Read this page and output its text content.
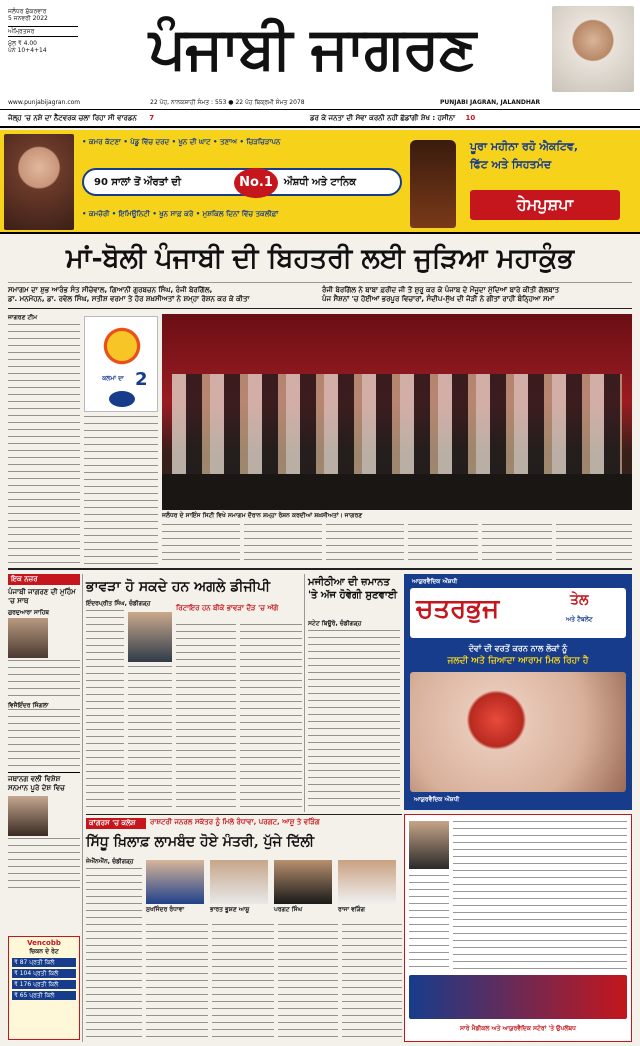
ਜਲੰਧਰ ਸ਼ੁੱਕਰਵਾਰ
5 ਜਨਵਰੀ 2022
ਅੰਮ੍ਰਿਤਸਰ
ਮੁੱਲ ₹ 4.00
ਪੰਨੇ 10+4+14	ਪੰਜਾਬੀ ਜਾਗਰਣ
www.punjabijagran.com	22 ਪੋਹ, ਨਾਨਕਸ਼ਾਹੀ ਸੰਮਤ : 553 ● 22 ਪੋਹ ਬਿਕ੍ਰਮੀ ਸੰਮਤ 2078	PUNJABI JAGRAN, JALANDHAR
ਜੇਲ੍ਹ 'ਚ ਨਸ਼ੇ ਦਾ ਨੈੱਟਵਰਕ ਚਲਾ ਰਿਹਾ ਸੀ ਵਾਰਡਨ 7	ਡਰ ਕੇ ਜਨਤਾ ਦੀ ਸੇਵਾ ਕਰਨੀ ਨਹੀਂ ਛੱਡਾਂਗੀ ਸ਼ੇਖ : ਹਸੀਨਾ 10
• ਕਮਰ ਕੱਟਣਾ • ਪੇਡੂ ਵਿੱਚ ਦਰਦ • ਖੂਨ ਦੀ ਘਾਟ • ਤਣਾਅ • ਚਿੜਚਿੜਾਪਨ
90 ਸਾਲਾਂ ਤੋਂ ਔਰਤਾਂ ਦੀ	No.1	ਔਸ਼ਧੀ ਅਤੇ ਟਾਨਿਕ
• ਕਮਜ਼ੋਰੀ • ਇਮਿਊਨਿਟੀ • ਖੂਨ ਸਾਫ਼ ਕਰੇ • ਮੁਸ਼ਕਿਲ ਦਿਨਾਂ ਵਿੱਚ ਤਕਲੀਫ਼ਾਂ
ਪੂਰਾ ਮਹੀਨਾ ਰਹੋ ਐਕਟਿਵ,
ਫਿੱਟ ਅਤੇ ਸਿਹਤਮੰਦ
ਹੇਮਪੁਸ਼ਪਾ
ਮਾਂ-ਬੋਲੀ ਪੰਜਾਬੀ ਦੀ ਬਿਹਤਰੀ ਲਈ ਜੁੜਿਆ ਮਹਾਕੁੰਭ
ਸਮਾਗਮ ਦਾ ਸ਼ੁਭ ਆਰੰਭ ਸੰਤ ਸੀਚੇਵਾਲ, ਗਿਆਨੀ ਗੁਰਬਚਨ ਸਿੰਘ, ਰੰਜੀ ਬੇਰਗਿੱਲ,
ਡਾ. ਮਨਮੋਹਨ, ਡਾ. ਰਵੇਲ ਸਿੰਘ, ਸਤੀਸ਼ ਵਰਮਾ ਤੇ ਹੋਰ ਸ਼ਖ਼ਸੀਅਤਾਂ ਨੇ ਸ਼ਮ੍ਹਾ ਰੋਸ਼ਨ ਕਰ ਕੇ ਕੀਤਾ
ਰੰਜੀ ਬੇਰਗਿੱਲ ਨੇ ਬਾਬਾ ਫ਼ਰੀਦ ਜੀ ਤੋਂ ਸ਼ੁਰੂ ਕਰ ਕੇ ਪੰਜਾਬ ਦੇ ਮੌਜੂਦਾ ਮੁੱਦਿਆਂ ਬਾਰੇ ਕੀਤੀ ਗੱਲਬਾਤ
ਪੰਜ ਸੈਸ਼ਨਾਂ 'ਚ ਹੋਈਆਂ ਭਰਪੂਰ ਵਿਚਾਰਾਂ, ਸੰਦੀਪ-ਸੁੱਖ ਦੀ ਜੋੜੀ ਨੇ ਗੀਤਾਂ ਰਾਹੀਂ ਬੰਨ੍ਹਿਆ ਸਮਾਂ
ਜਾਗਰਣ ਟੀਮ
ਕਲਮਾਂ ਦਾ 2
ਜਲੰਧਰ ਦੇ ਸਾਇੰਸ ਸਿਟੀ ਵਿਖੇ ਸਮਾਗਮ ਦੌਰਾਨ ਸ਼ਮ੍ਹਾ ਰੋਸ਼ਨ ਕਰਦੀਆਂ ਸ਼ਖ਼ਸੀਅਤਾਂ। ਜਾਗਰਣ
ਇਕ ਨਜ਼ਰ
ਪੰਜਾਬੀ ਜਾਗਰਣ ਦੀ ਮੁਹਿੰਮ 'ਚ ਸਾਥ
ਗੁਰਦੁਆਰਾ ਸਾਹਿਬ
ਵਿਜੈਇੰਦਰ ਸਿੰਗਲਾ
ਜਥਾਨਗ ਵਲੀ ਵਿਸ਼ੇਸ਼ ਸਨਮਾਨ ਪੂਰੇ ਦੇਸ਼ ਵਿਚ
Vencobb
ਚਿਕਨ ਦੇ ਰੇਟ
₹ 87 ਪ੍ਰਤੀ ਕਿਲੋ
₹ 104 ਪ੍ਰਤੀ ਕਿਲੋ
₹ 176 ਪ੍ਰਤੀ ਕਿਲੋ
₹ 65 ਪ੍ਰਤੀ ਕਿਲੋ
ਭਾਵੜਾ ਹੋ ਸਕਦੇ ਹਨ ਅਗਲੇ ਡੀਜੀਪੀ
ਇੰਦਰਪ੍ਰੀਤ ਸਿੰਘ, ਚੰਡੀਗੜ੍ਹ
ਰਿਟਾਇਰ ਹਨ ਬੀਕੇ ਭਾਵੜਾ ਦੌੜ 'ਚ ਅੱਗੇ
ਮਜੀਠੀਆ ਦੀ ਜ਼ਮਾਨਤ 'ਤੇ ਅੱਜ ਹੋਵੇਗੀ ਸੁਣਵਾਈ
ਸਟੇਟ ਬਿਊਰੋ, ਚੰਡੀਗੜ੍ਹ
ਆਯੁਰਵੈਦਿਕ ਔਸ਼ਧੀ
ਚਤਰਭੁਜ	ਤੇਲ
ਅਤੇ ਟੈਬਲੇਟ
ਦੋਵਾਂ ਦੀ ਵਰਤੋਂ ਕਰਨ ਨਾਲ ਲੋਕਾਂ ਨੂੰ
ਜਲਦੀ ਅਤੇ ਜ਼ਿਆਦਾ ਆਰਾਮ ਮਿਲ ਰਿਹਾ ਹੈ
ਆਯੁਰਵੈਦਿਕ ਔਸ਼ਧੀ
ਕਾਂਗਰਸ 'ਚ ਕਲੇਸ਼	ਰਾਸ਼ਟਰੀ ਜਨਰਲ ਸਕੱਤਰ ਨੂੰ ਮਿਲੇ ਰੰਧਾਵਾ, ਪਰਗਟ, ਆਸ਼ੂ ਤੇ ਵੜਿੰਗ
ਸਿੱਧੂ ਖ਼ਿਲਾਫ਼ ਲਾਮਬੰਦ ਹੋਏ ਮੰਤਰੀ, ਪੁੱਜੇ ਦਿੱਲੀ
ਜੇਐੱਨਐੱਨ, ਚੰਡੀਗੜ੍ਹ
ਸੁਖਜਿੰਦਰ ਰੰਧਾਵਾ	ਭਾਰਤ ਭੂਸ਼ਣ ਆਸ਼ੂ	ਪਰਗਟ ਸਿੰਘ	ਰਾਜਾ ਵੜਿੰਗ
ਸਾਰੇ ਮੈਡੀਕਲ ਅਤੇ ਆਯੁਰਵੈਦਿਕ ਸਟੋਰਾਂ 'ਤੇ ਉਪਲੱਬਧ
